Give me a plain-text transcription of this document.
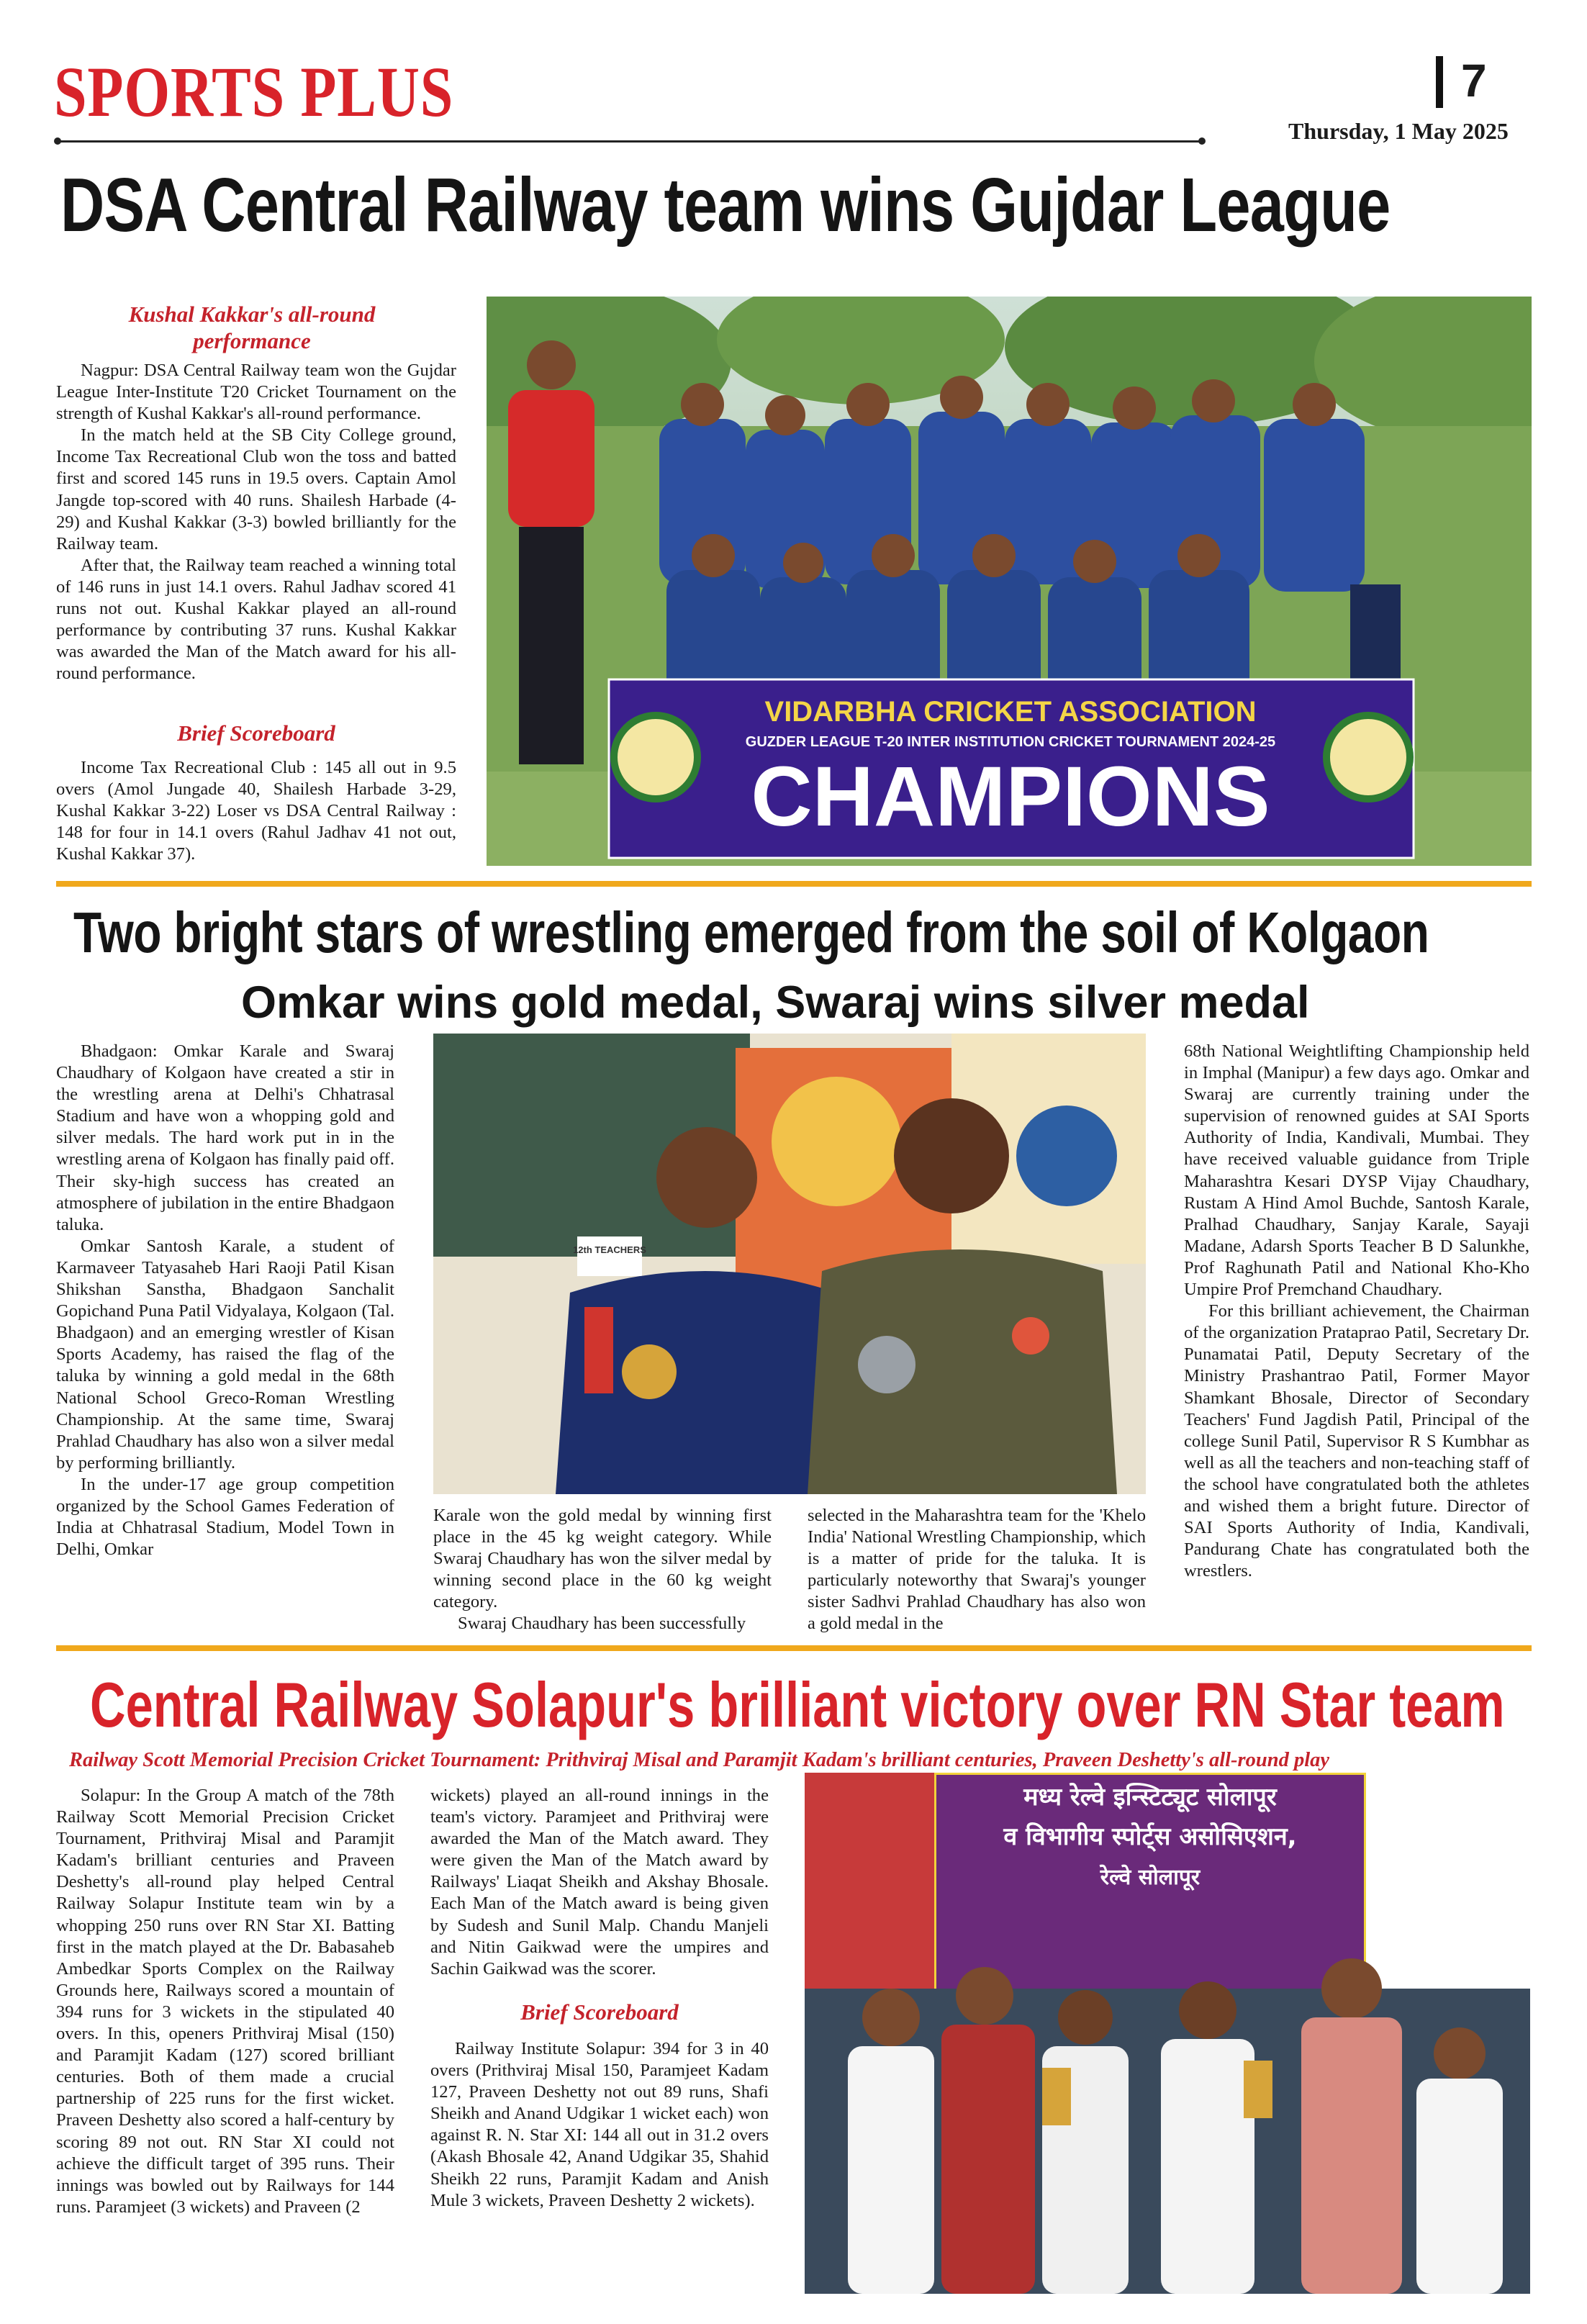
SPORTS PLUS	7
Thursday, 1 May 2025
DSA Central Railway team wins Gujdar League
Kushal Kakkar's all-round performance

Nagpur: DSA Central Railway team won the Gujdar League Inter-Institute T20 Cricket Tournament on the strength of Kushal Kakkar's all-round performance.

In the match held at the SB City College ground, Income Tax Recreational Club won the toss and batted first and scored 145 runs in 19.5 overs. Captain Amol Jangde top-scored with 40 runs. Shailesh Harbade (4-29) and Kushal Kakkar (3-3) bowled brilliantly for the Railway team.

After that, the Railway team reached a winning total of 146 runs in just 14.1 overs. Rahul Jadhav scored 41 runs not out. Kushal Kakkar played an all-round performance by contributing 37 runs. Kushal Kakkar was awarded the Man of the Match award for his all-round performance.

Brief Scoreboard

Income Tax Recreational Club : 145 all out in 9.5 overs (Amol Jungade 40, Shailesh Harbade 3-29, Kushal Kakkar 3-22) Loser vs DSA Central Railway : 148 for four in 14.1 overs (Rahul Jadhav 41 not out, Kushal Kakkar 37).

VIDARBHA CRICKET ASSOCIATION
GUZDER LEAGUE T-20 INTER INSTITUTION CRICKET TOURNAMENT 2024-25
CHAMPIONS
Two bright stars of wrestling emerged from the soil of Kolgaon
Omkar wins gold medal, Swaraj wins silver medal

Bhadgaon: Omkar Karale and Swaraj Chaudhary of Kolgaon have created a stir in the wrestling arena at Delhi's Chhatrasal Stadium and have won a whopping gold and silver medals. The hard work put in in the wrestling arena of Kolgaon has finally paid off. Their sky-high success has created an atmosphere of jubilation in the entire Bhadgaon taluka.

Omkar Santosh Karale, a student of Karmaveer Tatyasaheb Hari Raoji Patil Kisan Shikshan Sanstha, Bhadgaon Sanchalit Gopichand Puna Patil Vidyalaya, Kolgaon (Tal. Bhadgaon) and an emerging wrestler of Kisan Sports Academy, has raised the flag of the taluka by winning a gold medal in the 68th National School Greco-Roman Wrestling Championship. At the same time, Swaraj Prahlad Chaudhary has also won a silver medal by performing brilliantly.

In the under-17 age group competition organized by the School Games Federation of India at Chhatrasal Stadium, Model Town in Delhi, Omkar

12th TEACHERS

Karale won the gold medal by winning first place in the 45 kg weight category. While Swaraj Chaudhary has won the silver medal by winning second place in the 60 kg weight category.

Swaraj Chaudhary has been successfully

selected in the Maharashtra team for the 'Khelo India' National Wrestling Championship, which is a matter of pride for the taluka. It is particularly noteworthy that Swaraj's younger sister Sadhvi Prahlad Chaudhary has also won a gold medal in the

68th National Weightlifting Championship held in Imphal (Manipur) a few days ago. Omkar and Swaraj are currently training under the supervision of renowned guides at SAI Sports Authority of India, Kandivali, Mumbai. They have received valuable guidance from Triple Maharashtra Kesari DYSP Vijay Chaudhary, Rustam A Hind Amol Buchde, Santosh Karale, Pralhad Chaudhary, Sanjay Karale, Sayaji Madane, Adarsh Sports Teacher B D Salunkhe, Prof Raghunath Patil and National Kho-Kho Umpire Prof Premchand Chaudhary.

For this brilliant achievement, the Chairman of the organization Prataprao Patil, Secretary Dr. Punamatai Patil, Deputy Secretary of the Ministry Prashantrao Patil, Former Mayor Shamkant Bhosale, Director of Secondary Teachers' Fund Jagdish Patil, Principal of the college Sunil Patil, Supervisor R S Kumbhar as well as all the teachers and non-teaching staff of the school have congratulated both the athletes and wished them a bright future. Director of SAI Sports Authority of India, Kandivali, Pandurang Chate has congratulated both the wrestlers.

Central Railway Solapur's brilliant victory over RN Star team
Railway Scott Memorial Precision Cricket Tournament: Prithviraj Misal and Paramjit Kadam's brilliant centuries, Praveen Deshetty's all-round play

Solapur: In the Group A match of the 78th Railway Scott Memorial Precision Cricket Tournament, Prithviraj Misal and Paramjit Kadam's brilliant centuries and Praveen Deshetty's all-round play helped Central Railway Solapur Institute team win by a whopping 250 runs over RN Star XI. Batting first in the match played at the Dr. Babasaheb Ambedkar Sports Complex on the Railway Grounds here, Railways scored a mountain of 394 runs for 3 wickets in the stipulated 40 overs. In this, openers Prithviraj Misal (150) and Paramjit Kadam (127) scored brilliant centuries. Both of them made a crucial partnership of 225 runs for the first wicket. Praveen Deshetty also scored a half-century by scoring 89 not out. RN Star XI could not achieve the difficult target of 395 runs. Their innings was bowled out by Railways for 144 runs. Paramjeet (3 wickets) and Praveen (2

wickets) played an all-round innings in the team's victory. Paramjeet and Prithviraj were awarded the Man of the Match award. They were given the Man of the Match award by Railways' Liaqat Sheikh and Akshay Bhosale. Each Man of the Match award is being given by Sudesh and Sunil Malp. Chandu Manjeli and Nitin Gaikwad were the umpires and Sachin Gaikwad was the scorer.

Brief Scoreboard

Railway Institute Solapur: 394 for 3 in 40 overs (Prithviraj Misal 150, Paramjeet Kadam 127, Praveen Deshetty not out 89 runs, Shafi Sheikh and Anand Udgikar 1 wicket each) won against R. N. Star XI: 144 all out in 31.2 overs (Akash Bhosale 42, Anand Udgikar 35, Shahid Sheikh 22 runs, Paramjit Kadam and Anish Mule 3 wickets, Praveen Deshetty 2 wickets).

मध्य रेल्वे इन्स्टिट्यूट सोलापूर
व विभागीय स्पोर्ट्स असोसिएशन,
रेल्वे सोलापूर
